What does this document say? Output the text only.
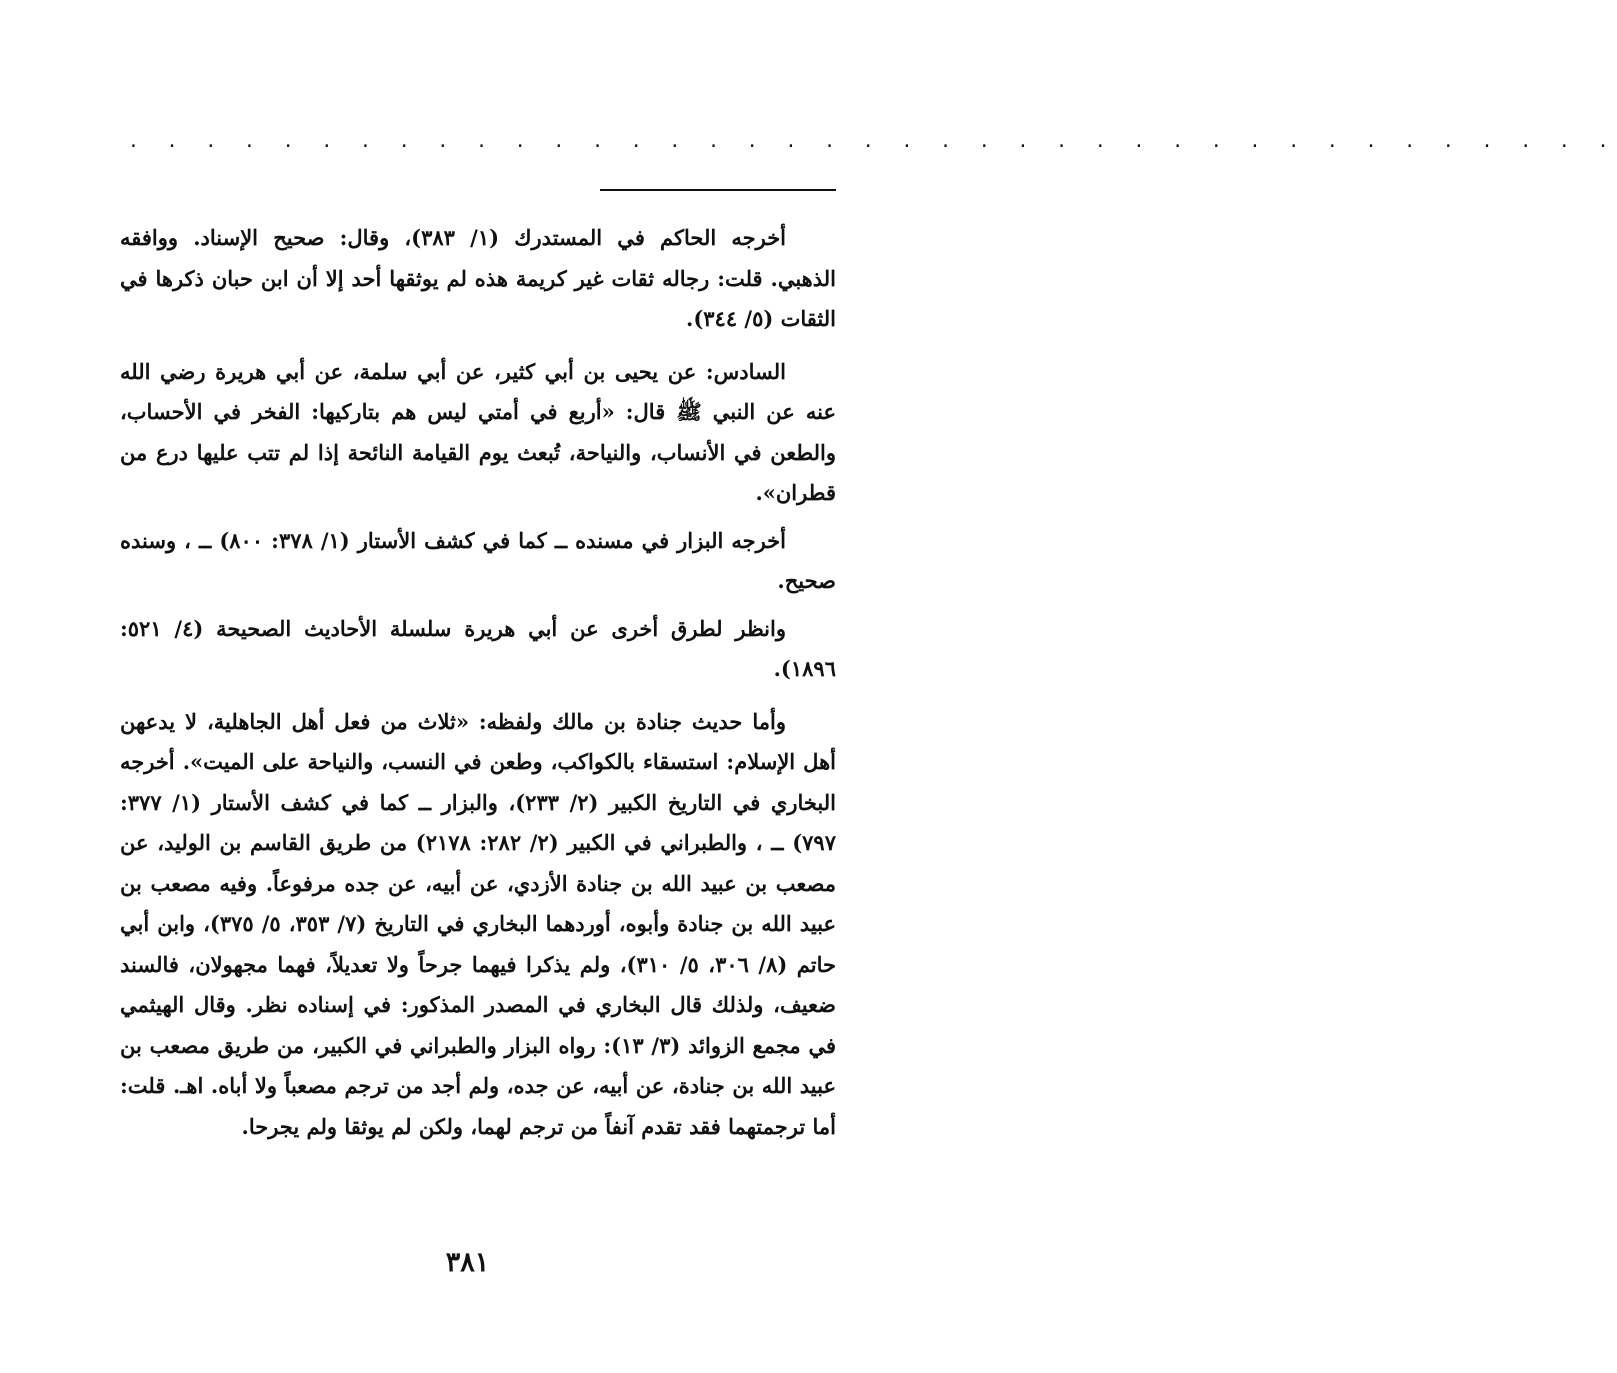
. . . . . . . . . . . . . . . . . . . . . . . . . . . . . . . . . . . . . . .

أخرجه الحاكم في المستدرك (١/ ٣٨٣)، وقال: صحيح الإسناد. ووافقه الذهبي. قلت: رجاله ثقات غير كريمة هذه لم يوثقها أحد إلا أن ابن حبان ذكرها في الثقات (٥/ ٣٤٤).

السادس: عن يحيى بن أبي كثير، عن أبي سلمة، عن أبي هريرة رضي الله عنه عن النبي ﷺ قال: «أربع في أمتي ليس هم بتاركيها: الفخر في الأحساب، والطعن في الأنساب، والنياحة، تُبعث يوم القيامة النائحة إذا لم تتب عليها درع من قطران».

أخرجه البزار في مسنده ــ كما في كشف الأستار (١/ ٣٧٨: ٨٠٠) ــ ، وسنده صحيح.

وانظر لطرق أخرى عن أبي هريرة سلسلة الأحاديث الصحيحة (٤/ ٥٢١: ١٨٩٦).

وأما حديث جنادة بن مالك ولفظه: «ثلاث من فعل أهل الجاهلية، لا يدعهن أهل الإسلام: استسقاء بالكواكب، وطعن في النسب، والنياحة على الميت». أخرجه البخاري في التاريخ الكبير (٢/ ٢٣٣)، والبزار ــ كما في كشف الأستار (١/ ٣٧٧: ٧٩٧) ــ ، والطبراني في الكبير (٢/ ٢٨٢: ٢١٧٨) من طريق القاسم بن الوليد، عن مصعب بن عبيد الله بن جنادة الأزدي، عن أبيه، عن جده مرفوعاً. وفيه مصعب بن عبيد الله بن جنادة وأبوه، أوردهما البخاري في التاريخ (٧/ ٣٥٣، ٥/ ٣٧٥)، وابن أبي حاتم (٨/ ٣٠٦، ٥/ ٣١٠)، ولم يذكرا فيهما جرحاً ولا تعديلاً، فهما مجهولان، فالسند ضعيف، ولذلك قال البخاري في المصدر المذكور: في إسناده نظر. وقال الهيثمي في مجمع الزوائد (٣/ ١٣): رواه البزار والطبراني في الكبير، من طريق مصعب بن عبيد الله بن جنادة، عن أبيه، عن جده، ولم أجد من ترجم مصعباً ولا أباه. اهـ. قلت: أما ترجمتهما فقد تقدم آنفاً من ترجم لهما، ولكن لم يوثقا ولم يجرحا.

٣٨١
